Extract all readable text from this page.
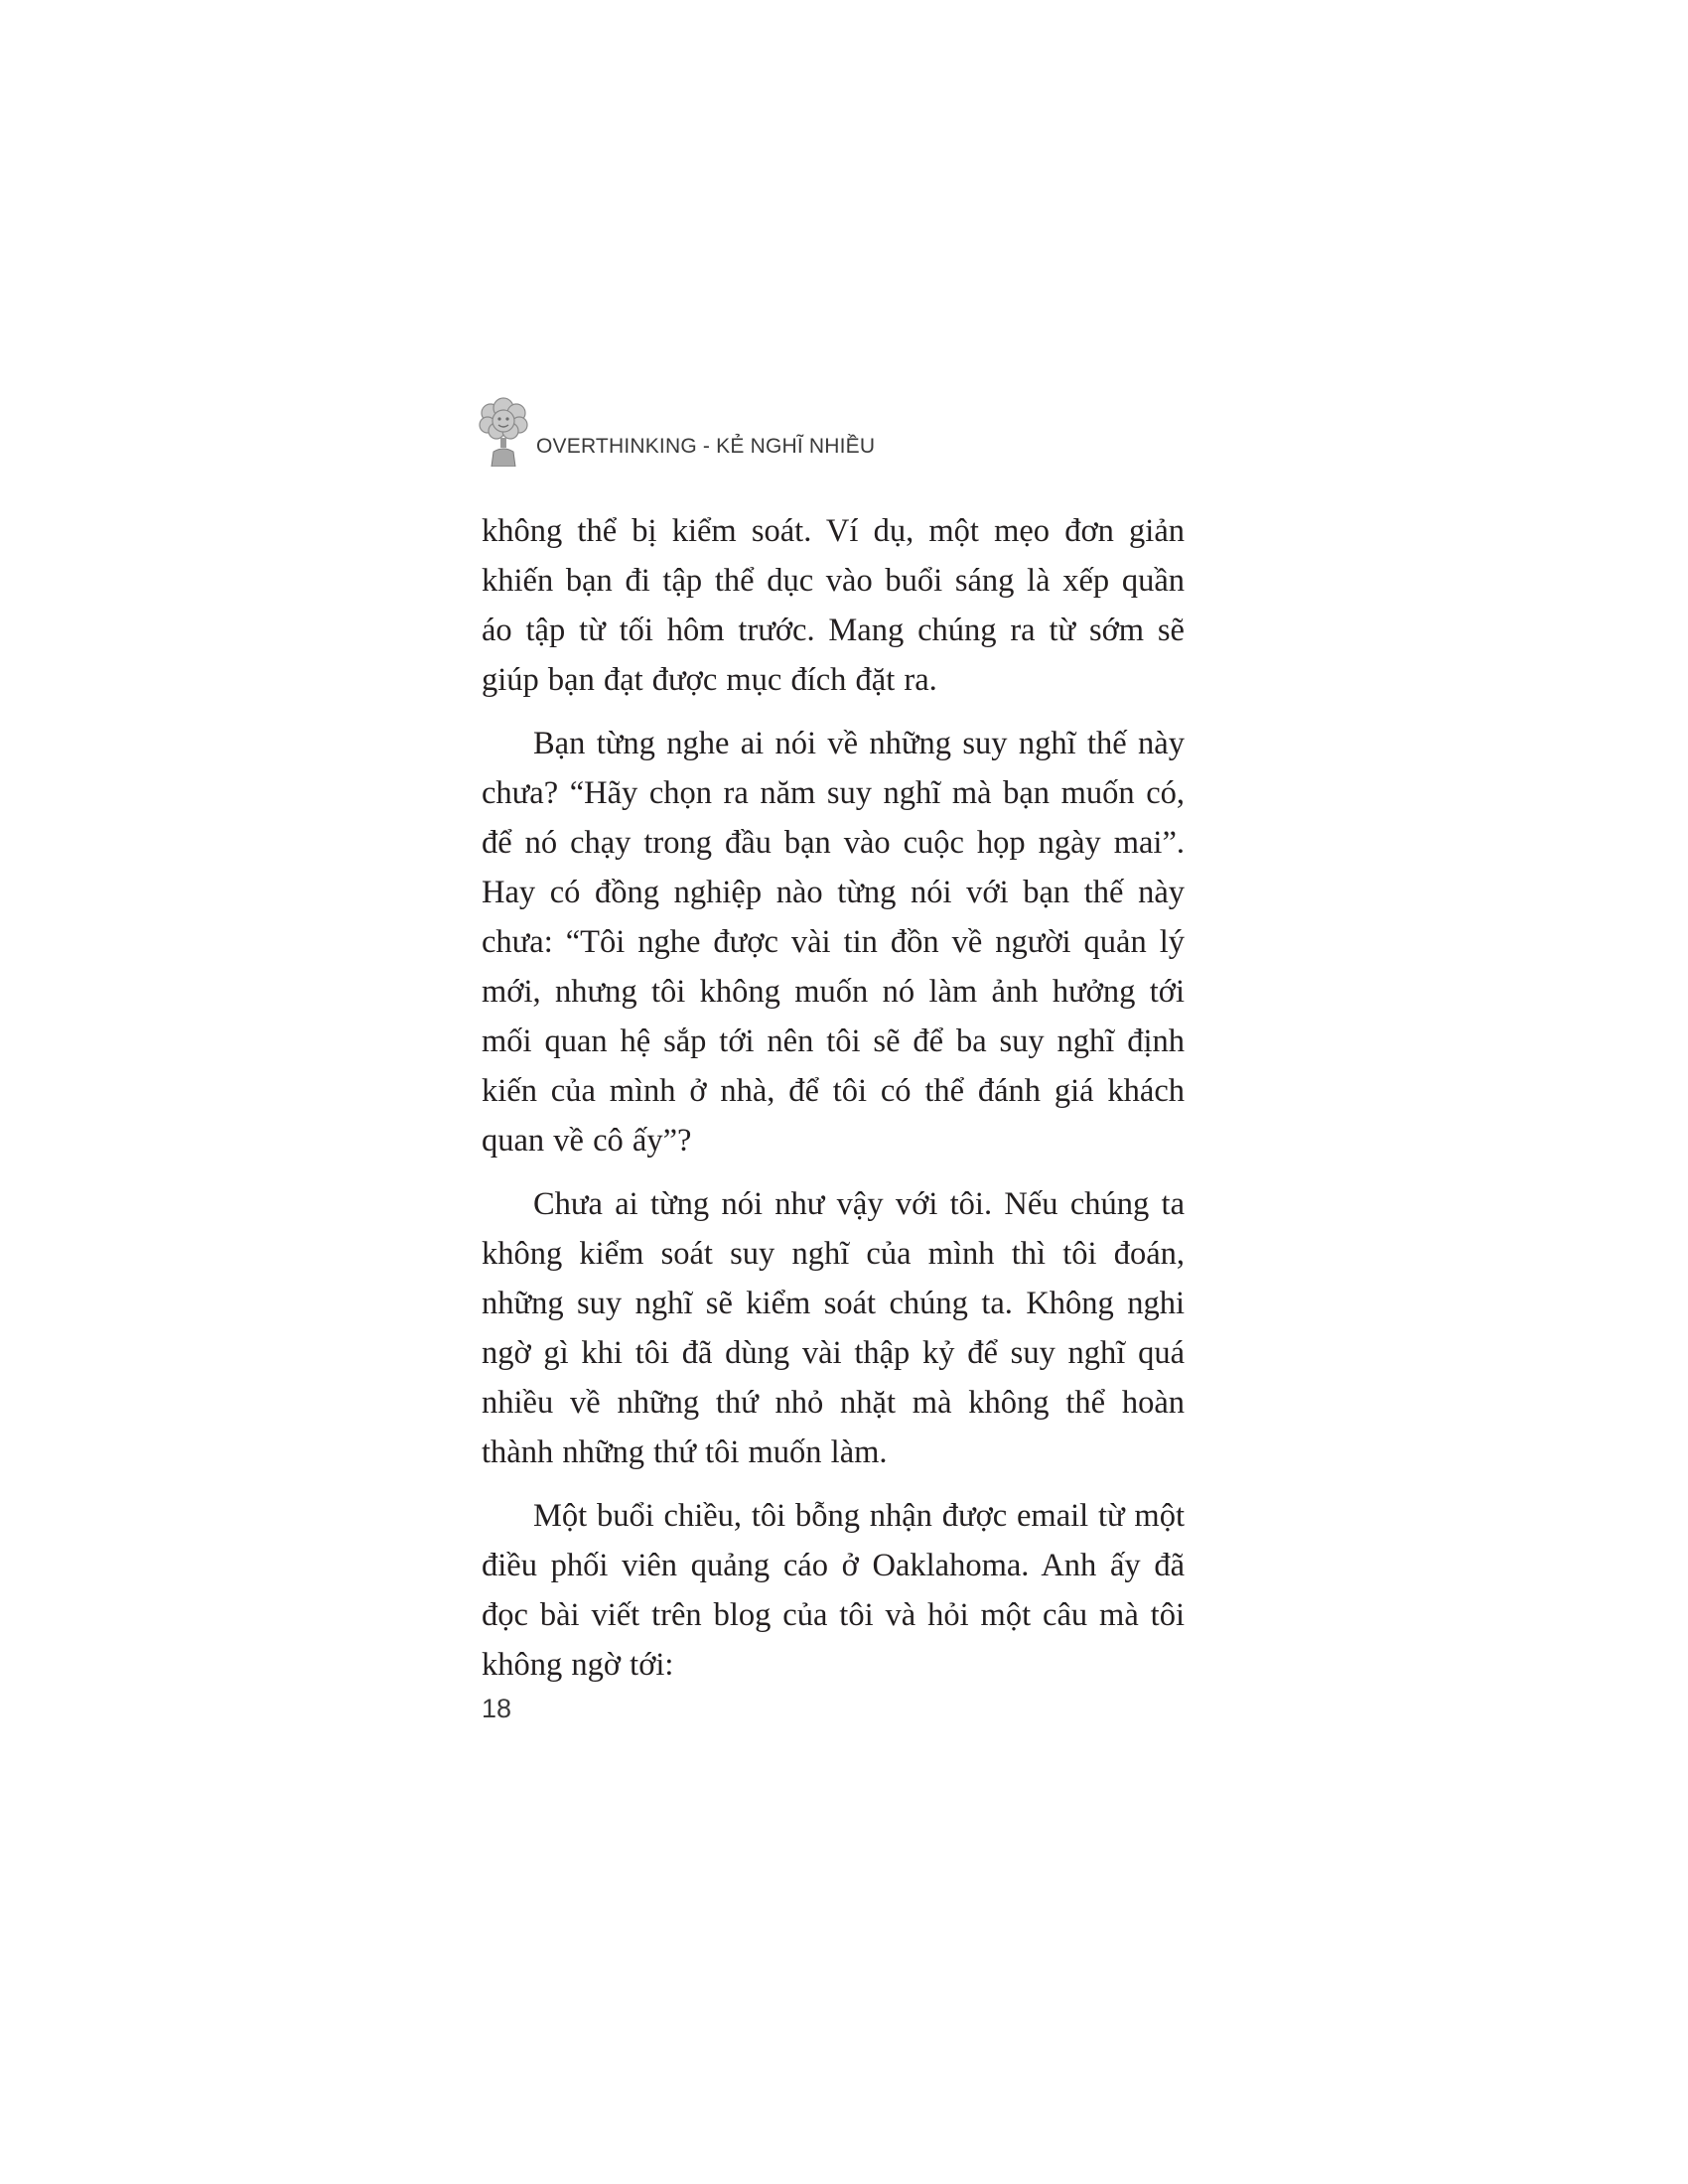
OVERTHINKING - KẺ NGHĨ NHIỀU

không thể bị kiểm soát. Ví dụ, một mẹo đơn giản khiến bạn đi tập thể dục vào buổi sáng là xếp quần áo tập từ tối hôm trước. Mang chúng ra từ sớm sẽ giúp bạn đạt được mục đích đặt ra.

Bạn từng nghe ai nói về những suy nghĩ thế này chưa? “Hãy chọn ra năm suy nghĩ mà bạn muốn có, để nó chạy trong đầu bạn vào cuộc họp ngày mai”. Hay có đồng nghiệp nào từng nói với bạn thế này chưa: “Tôi nghe được vài tin đồn về người quản lý mới, nhưng tôi không muốn nó làm ảnh hưởng tới mối quan hệ sắp tới nên tôi sẽ để ba suy nghĩ định kiến của mình ở nhà, để tôi có thể đánh giá khách quan về cô ấy”?

Chưa ai từng nói như vậy với tôi. Nếu chúng ta không kiểm soát suy nghĩ của mình thì tôi đoán, những suy nghĩ sẽ kiểm soát chúng ta. Không nghi ngờ gì khi tôi đã dùng vài thập kỷ để suy nghĩ quá nhiều về những thứ nhỏ nhặt mà không thể hoàn thành những thứ tôi muốn làm.

Một buổi chiều, tôi bỗng nhận được email từ một điều phối viên quảng cáo ở Oaklahoma. Anh ấy đã đọc bài viết trên blog của tôi và hỏi một câu mà tôi không ngờ tới:

18
